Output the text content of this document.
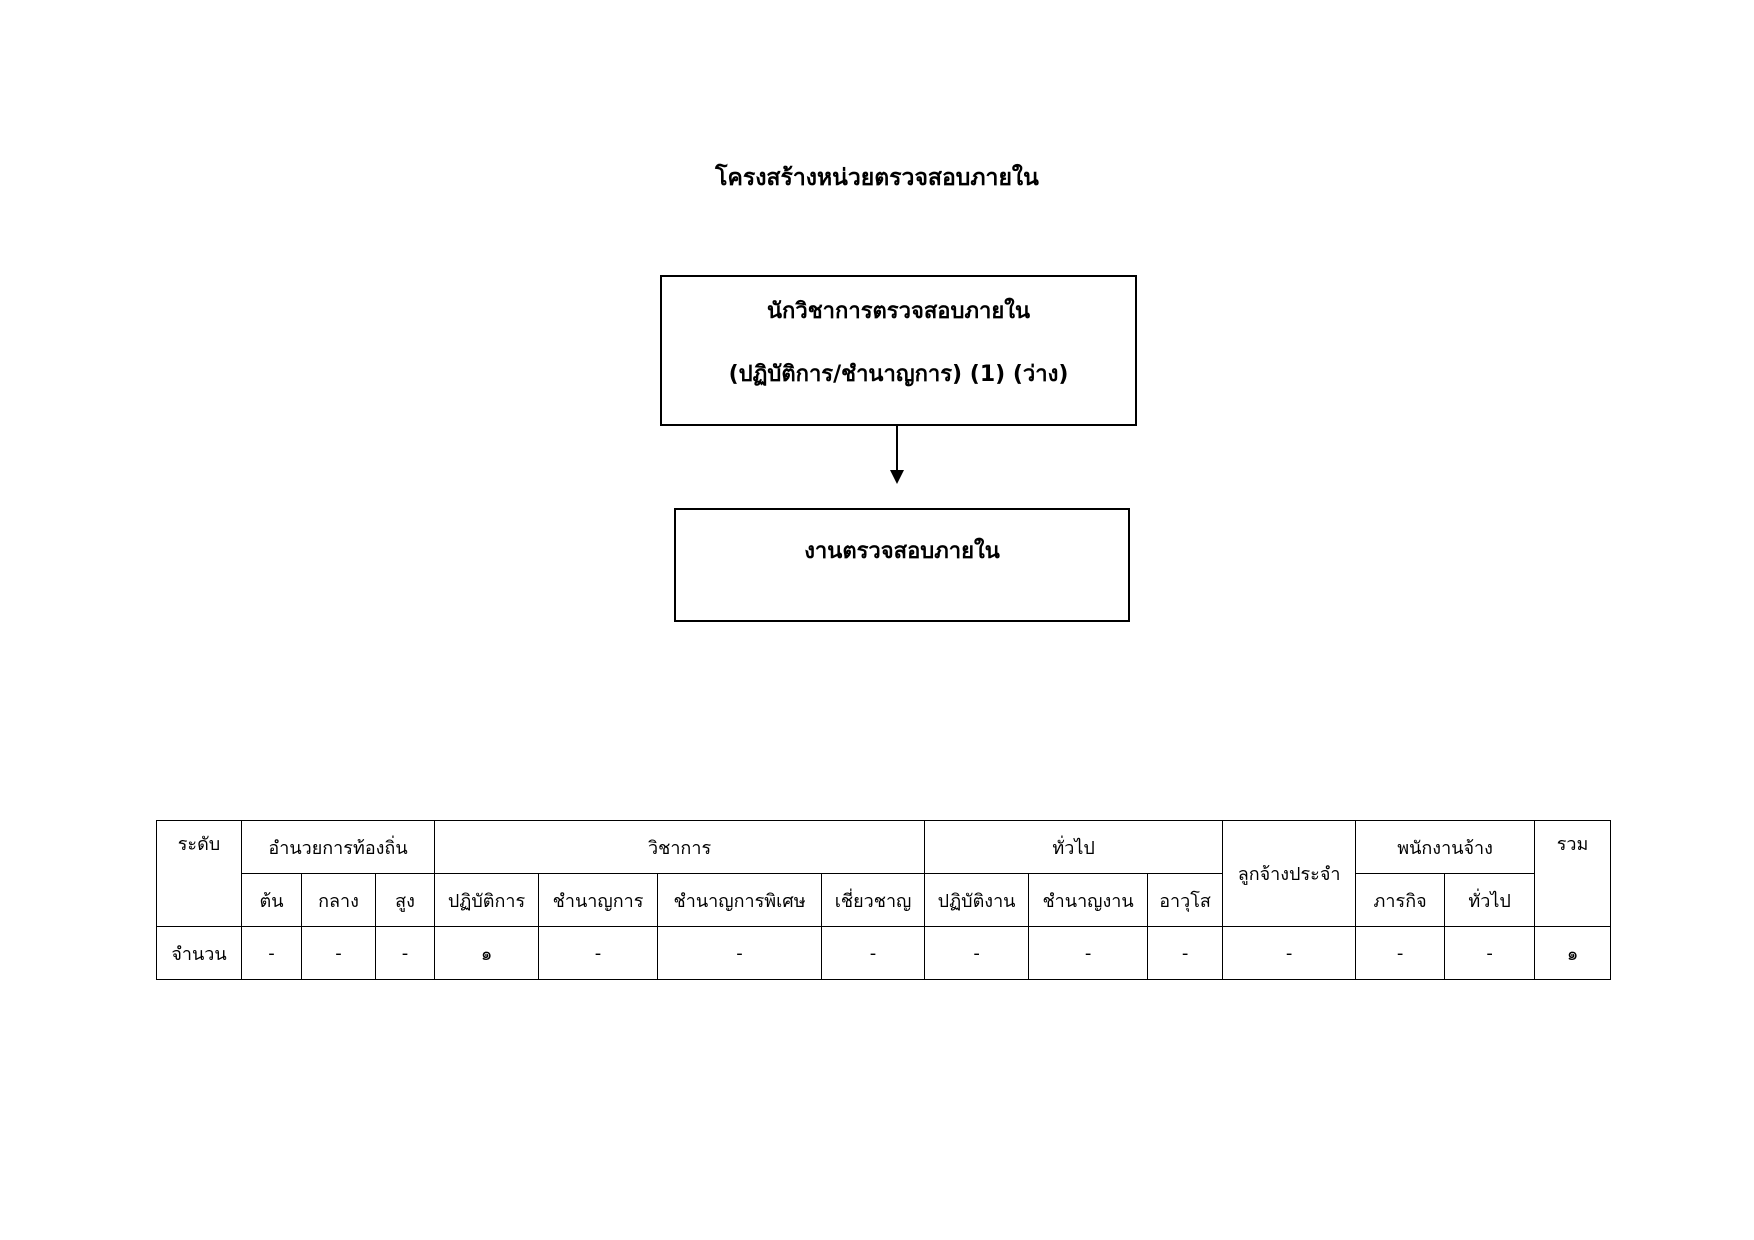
โครงสร้างหน่วยตรวจสอบภายใน
นักวิชาการตรวจสอบภายใน
(ปฏิบัติการ/ชำนาญการ) (1) (ว่าง)
งานตรวจสอบภายใน
ระดับ	อำนวยการท้องถิ่น			วิชาการ				ทั่วไป			ลูกจ้างประจำ	พนักงานจ้าง		รวม
	ต้น	กลาง	สูง	ปฏิบัติการ	ชำนาญการ	ชำนาญการพิเศษ	เชี่ยวชาญ	ปฏิบัติงาน	ชำนาญงาน	อาวุโส		ภารกิจ	ทั่วไป	
จำนวน	-	-	-	๑	-	-	-	-	-	-	-	-	-	๑
